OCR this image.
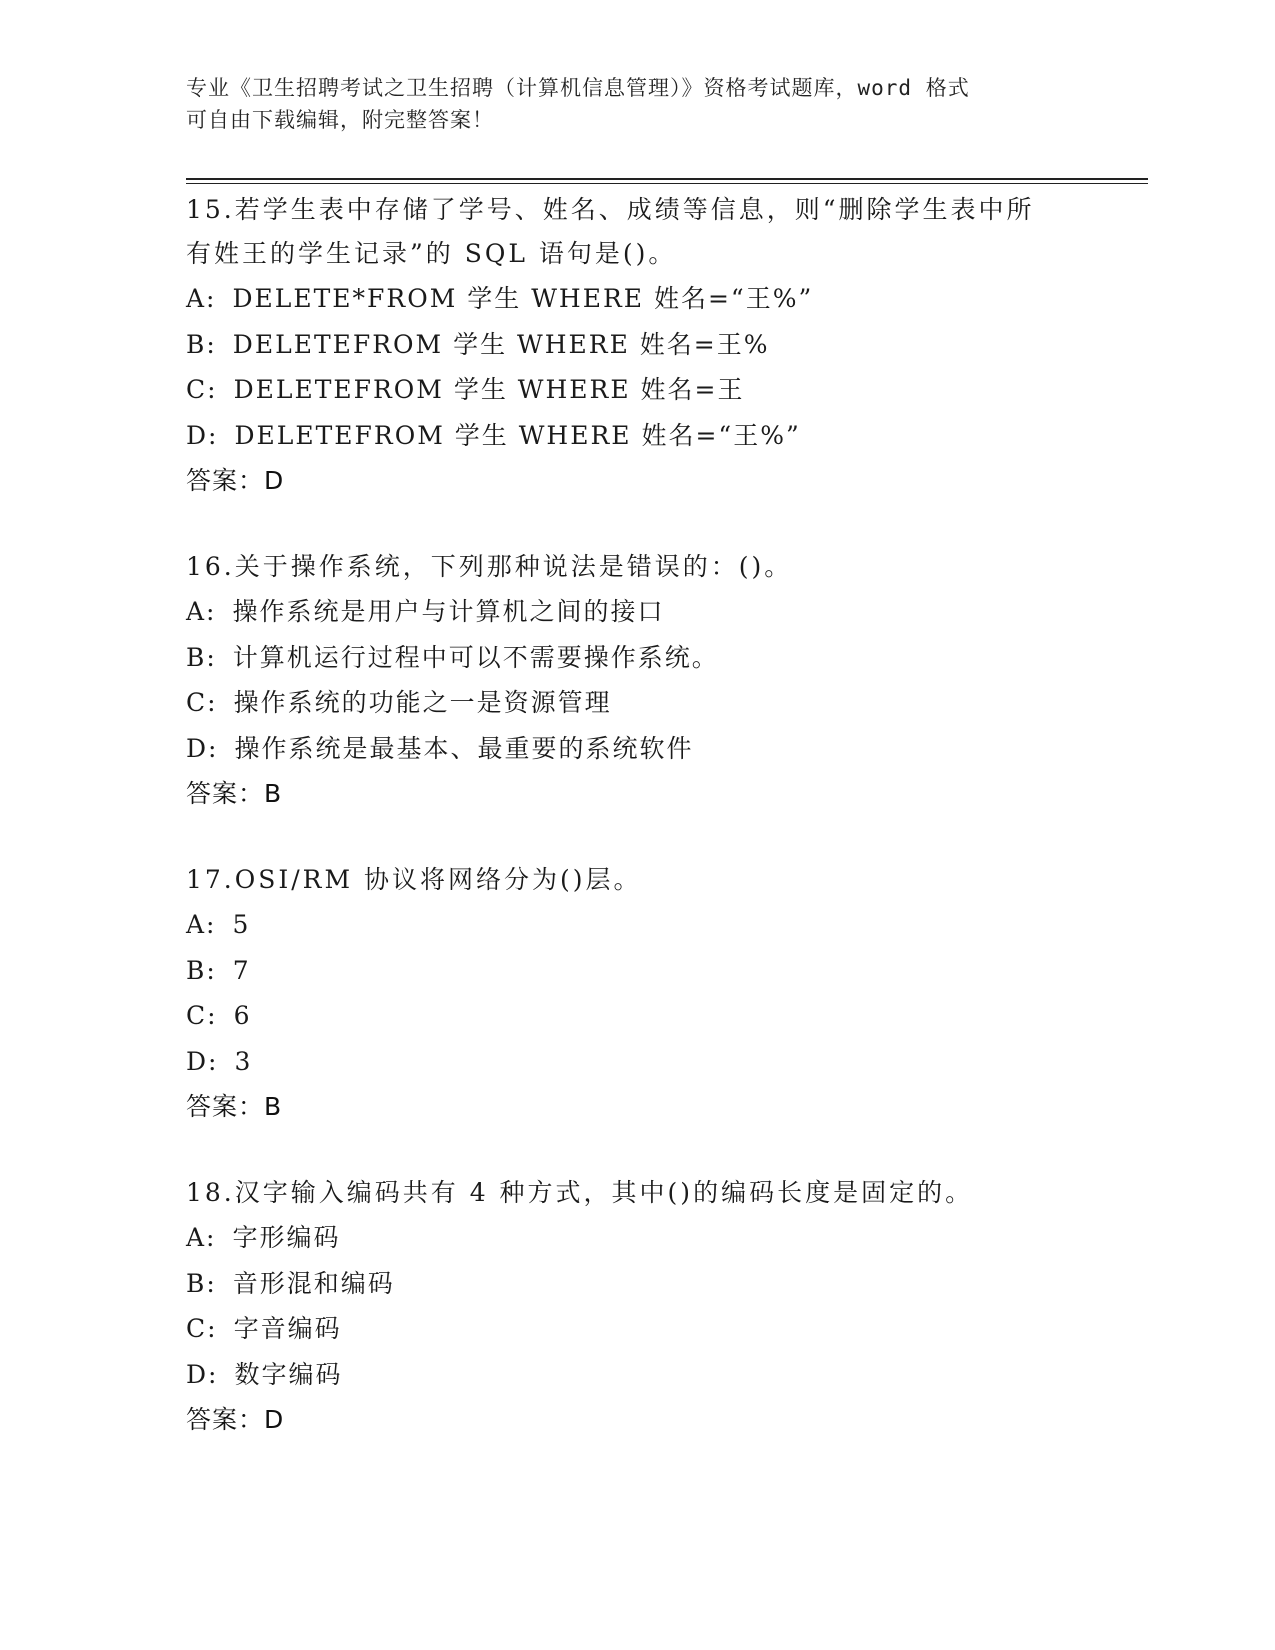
专业《卫生招聘考试之卫生招聘（计算机信息管理）》资格考试题库，word 格式
可自由下载编辑，附完整答案！

15.若学生表中存储了学号、姓名、成绩等信息，则“删除学生表中所

有姓王的学生记录”的 SQL 语句是()。

A: DELETE*FROM 学生 WHERE 姓名=“王%”

B: DELETEFROM 学生 WHERE 姓名=王%

C: DELETEFROM 学生 WHERE 姓名=王

D: DELETEFROM 学生 WHERE 姓名=“王%”

答案：D

16.关于操作系统，下列那种说法是错误的：()。

A: 操作系统是用户与计算机之间的接口

B: 计算机运行过程中可以不需要操作系统。

C: 操作系统的功能之一是资源管理

D: 操作系统是最基本、最重要的系统软件

答案：B

17.OSI/RM 协议将网络分为()层。

A: 5

B: 7

C: 6

D: 3

答案：B

18.汉字输入编码共有 4 种方式，其中()的编码长度是固定的。

A: 字形编码

B: 音形混和编码

C: 字音编码

D: 数字编码

答案：D
